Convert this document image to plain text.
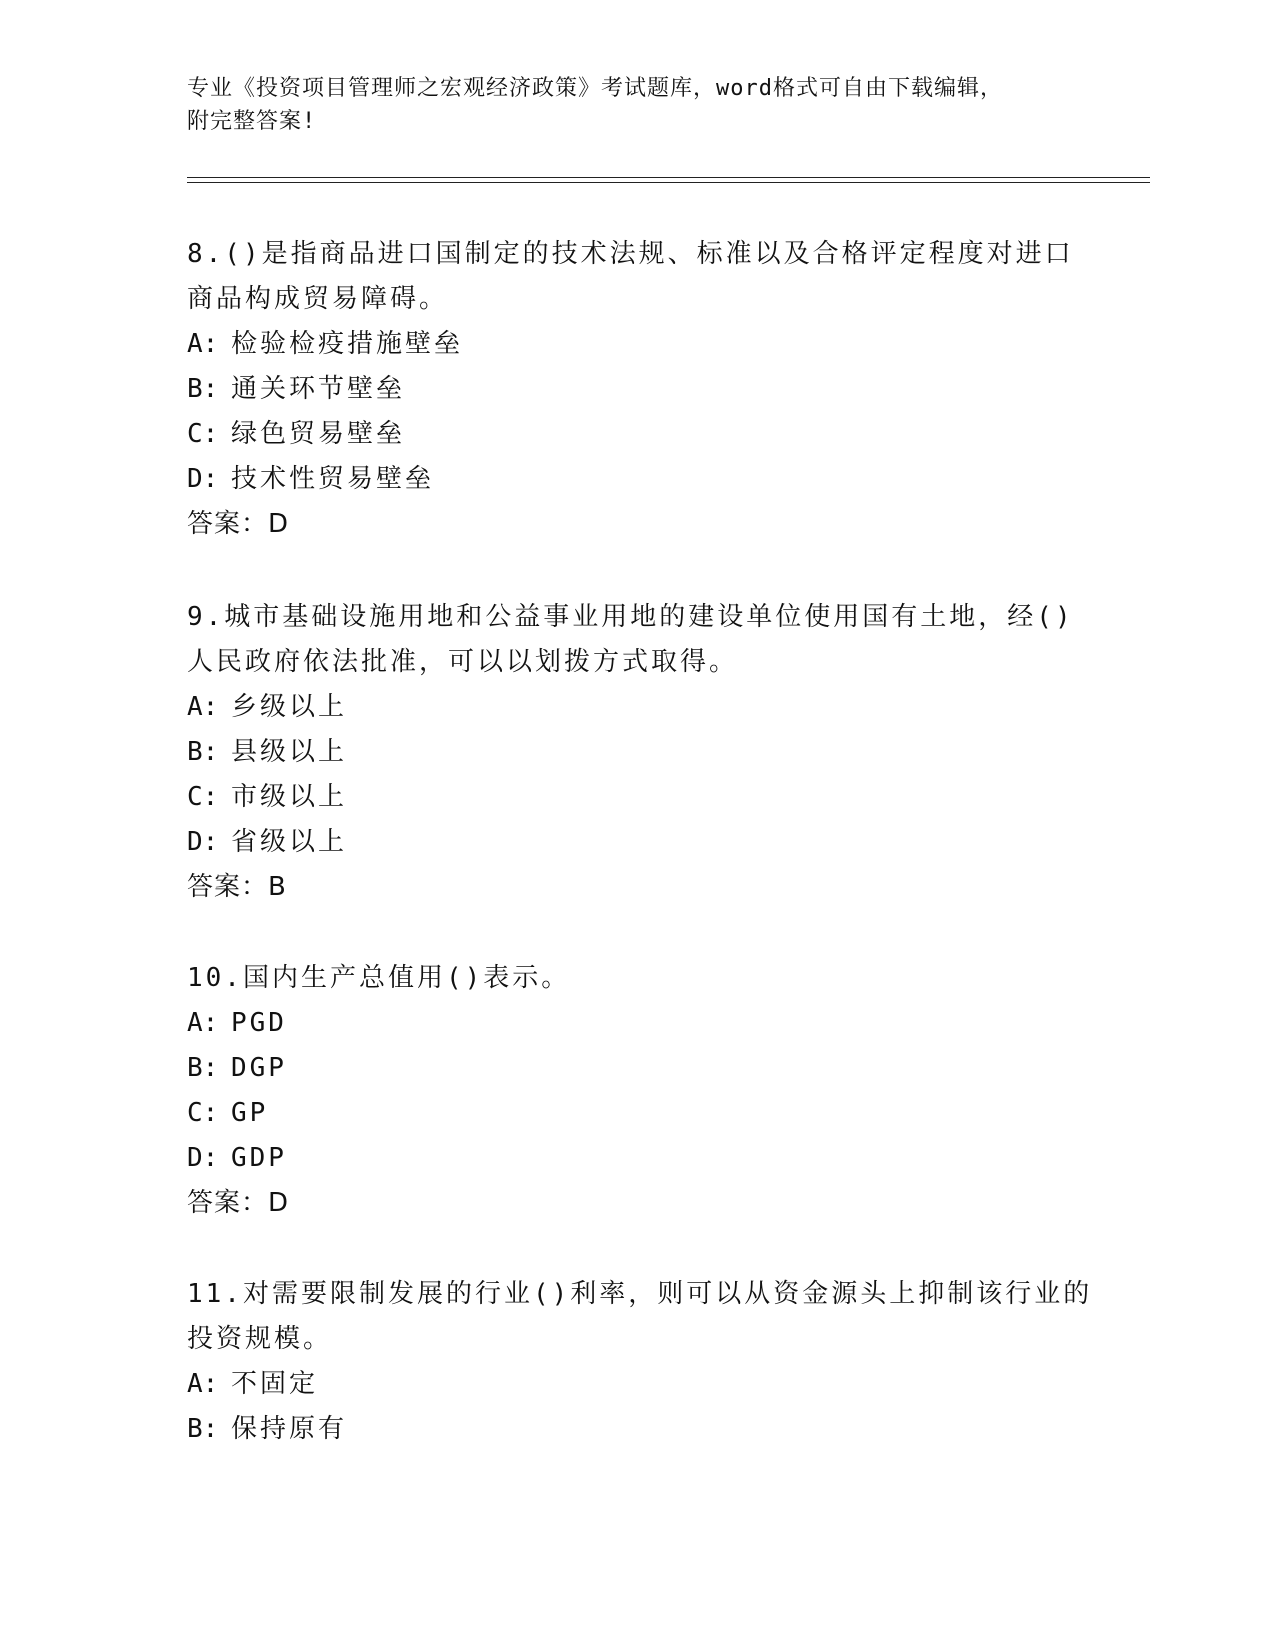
专业《投资项目管理师之宏观经济政策》考试题库，word格式可自由下载编辑，
附完整答案!
8.()是指商品进口国制定的技术法规、标准以及合格评定程度对进口
商品构成贸易障碍。
A: 检验检疫措施壁垒
B: 通关环节壁垒
C: 绿色贸易壁垒
D: 技术性贸易壁垒
答案：D
9.城市基础设施用地和公益事业用地的建设单位使用国有土地，经()
人民政府依法批准，可以以划拨方式取得。
A: 乡级以上
B: 县级以上
C: 市级以上
D: 省级以上
答案：B
10.国内生产总值用()表示。
A: PGD
B: DGP
C: GP
D: GDP
答案：D
11.对需要限制发展的行业()利率，则可以从资金源头上抑制该行业的
投资规模。
A: 不固定
B: 保持原有
